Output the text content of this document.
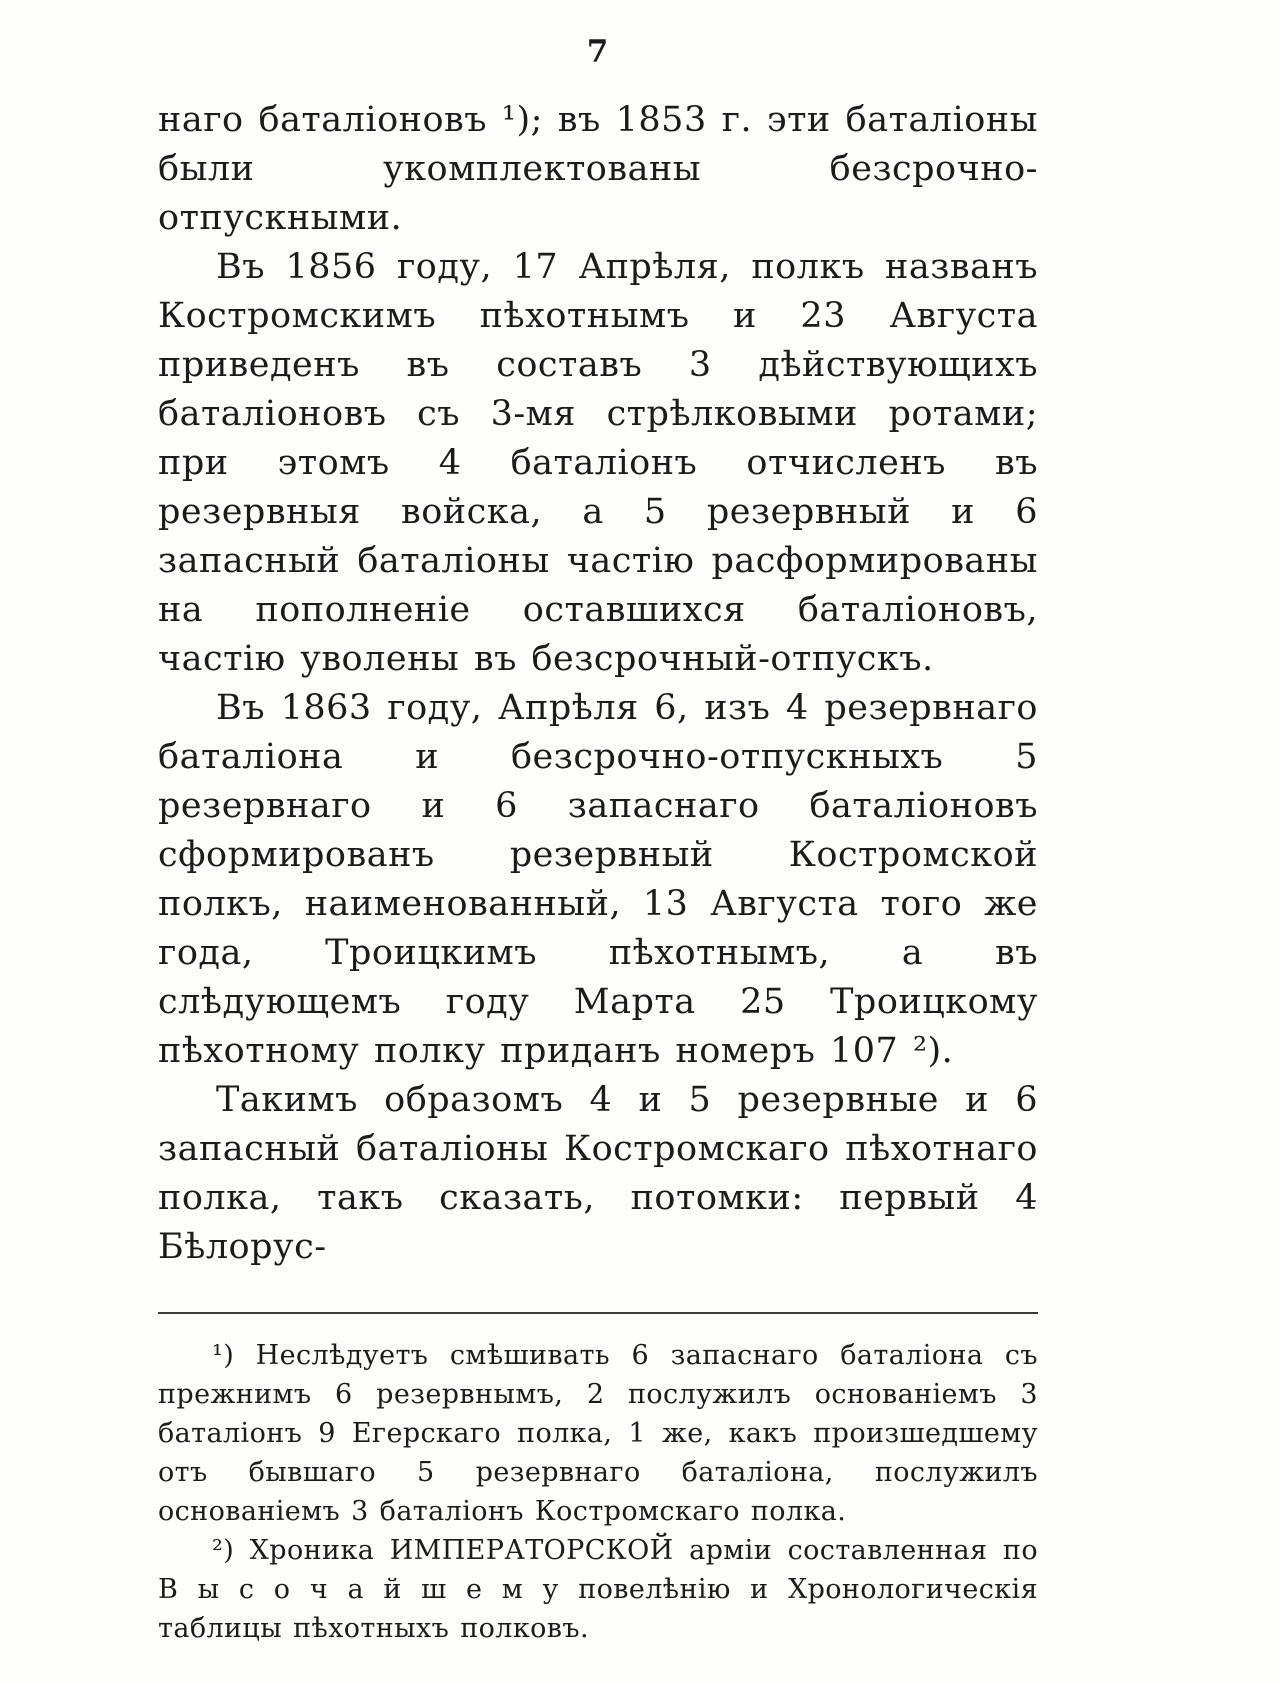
7

наго баталіоновъ ¹); въ 1853 г. эти баталіоны были укомплектованы безсрочно-отпускными.

Въ 1856 году, 17 Апрѣля, полкъ названъ Костромскимъ пѣхотнымъ и 23 Августа приведенъ въ составъ 3 дѣйствующихъ баталіоновъ съ 3-мя стрѣлковыми ротами; при этомъ 4 баталіонъ отчисленъ въ резервныя войска, а 5 резервный и 6 запасный баталіоны частію расформированы на пополненіе оставшихся баталіоновъ, частію уволены въ безсрочный-отпускъ.

Въ 1863 году, Апрѣля 6, изъ 4 резервнаго баталіона и безсрочно-отпускныхъ 5 резервнаго и 6 запаснаго баталіоновъ сформированъ резервный Костромской полкъ, наименованный, 13 Августа того же года, Троицкимъ пѣхотнымъ, а въ слѣдующемъ году Марта 25 Троицкому пѣхотному полку приданъ номеръ 107 ²).

Такимъ образомъ 4 и 5 резервные и 6 запасный баталіоны Костромскаго пѣхотнаго полка, такъ сказать, потомки: первый 4 Бѣлорус-

¹) Неслѣдуетъ смѣшивать 6 запаснаго баталіона съ прежнимъ 6 резервнымъ, 2 послужилъ основаніемъ 3 баталіонъ 9 Егерскаго полка, 1 же, какъ произшедшему отъ бывшаго 5 резервнаго баталіона, послужилъ основаніемъ 3 баталіонъ Костромскаго полка.

²) Хроника ИМПЕРАТОРСКОЙ арміи составленная по В ы с о ч а й ш е м у повелѣнію и Хронологическія таблицы пѣхотныхъ полковъ.
